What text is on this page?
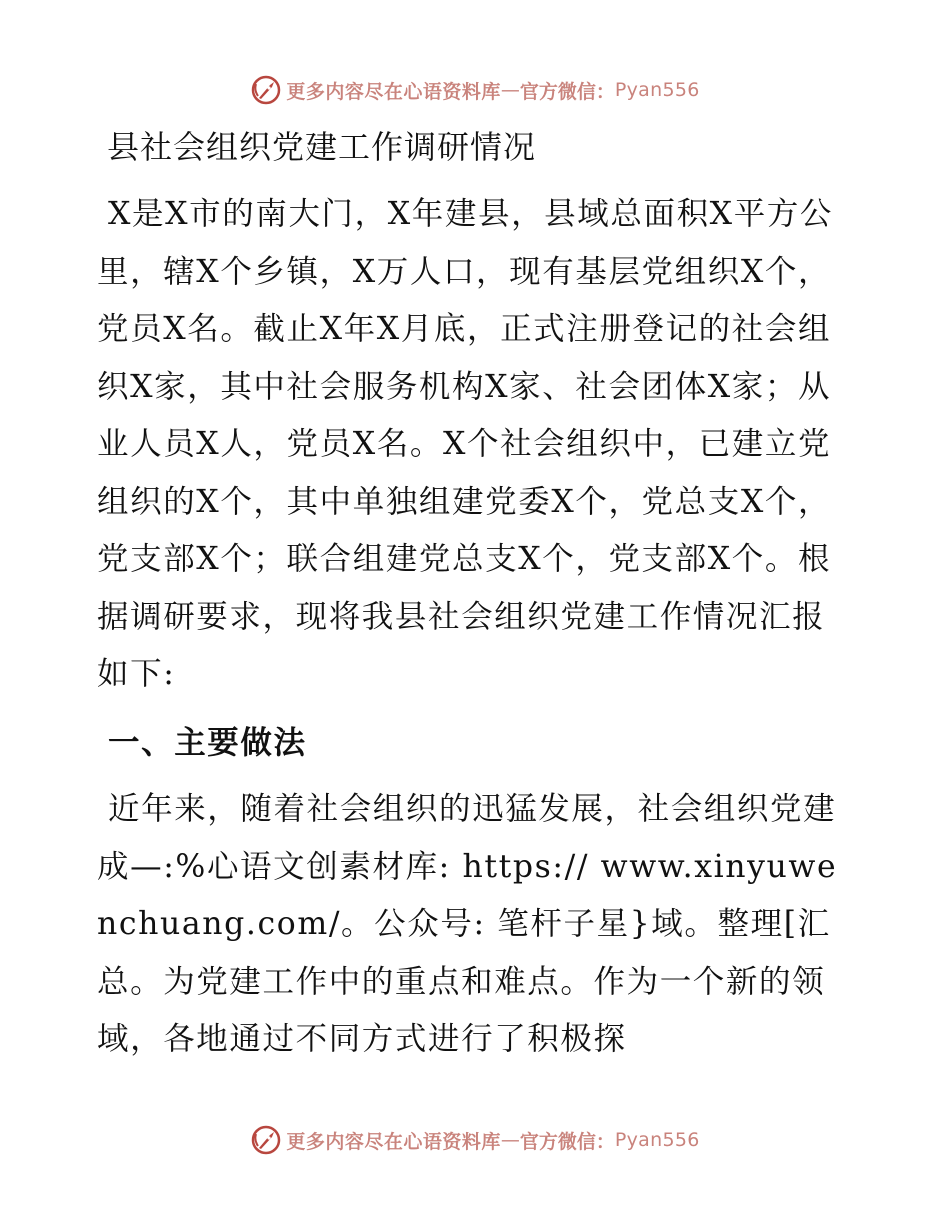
更多内容尽在心语资料库 — 官方微信： Pyan556
县社会组织党建工作调研情况

X是X市的南大门，X年建县，县域总面积X平方公里，辖X个乡镇，X万人口，现有基层党组织X个，党员X名。截止X年X月底，正式注册登记的社会组织X家，其中社会服务机构X家、社会团体X家；从业人员X人，党员X名。X个社会组织中，已建立党组织的X个，其中单独组建党委X个，党总支X个，党支部X个；联合组建党总支X个，党支部X个。根据调研要求，现将我县社会组织党建工作情况汇报如下:

一、主要做法

近年来，随着社会组织的迅猛发展，社会组织党建成—:%心语文创素材库: https:// www.xinyuwenchuang.com/。公众号: 笔杆子星}域。整理[汇总。为党建工作中的重点和难点。作为一个新的领域，各地通过不同方式进行了积极探

更多内容尽在心语资料库 — 官方微信： Pyan556
